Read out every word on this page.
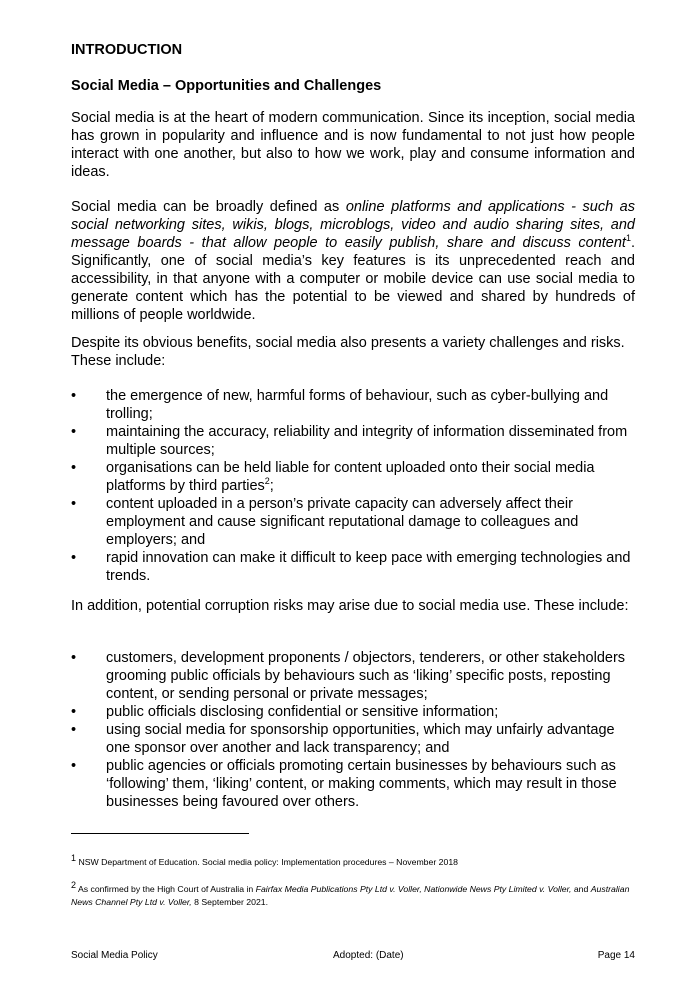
INTRODUCTION
Social Media – Opportunities and Challenges

Social media is at the heart of modern communication. Since its inception, social media has grown in popularity and influence and is now fundamental to not just how people interact with one another, but also to how we work, play and consume information and ideas.

Social media can be broadly defined as online platforms and applications - such as social networking sites, wikis, blogs, microblogs, video and audio sharing sites, and message boards - that allow people to easily publish, share and discuss content$^1$. Significantly, one of social media’s key features is its unprecedented reach and accessibility, in that anyone with a computer or mobile device can use social media to generate content which has the potential to be viewed and shared by hundreds of millions of people worldwide.

Despite its obvious benefits, social media also presents a variety challenges and risks. These include:

•	the emergence of new, harmful forms of behaviour, such as cyber-bullying and trolling;
•	maintaining the accuracy, reliability and integrity of information disseminated from multiple sources;
•	organisations can be held liable for content uploaded onto their social media platforms by third parties$^2$;
•	content uploaded in a person’s private capacity can adversely affect their employment and cause significant reputational damage to colleagues and employers; and
•	rapid innovation can make it difficult to keep pace with emerging technologies and trends.

In addition, potential corruption risks may arise due to social media use. These include:

•	customers, development proponents / objectors, tenderers, or other stakeholders grooming public officials by behaviours such as ‘liking’ specific posts, reposting content, or sending personal or private messages;
•	public officials disclosing confidential or sensitive information;
•	using social media for sponsorship opportunities, which may unfairly advantage one sponsor over another and lack transparency; and
•	public agencies or officials promoting certain businesses by behaviours such as ‘following’ them, ‘liking’ content, or making comments, which may result in those businesses being favoured over others.
$^1$ NSW Department of Education. Social media policy: Implementation procedures – November 2018
$^2$ As confirmed by the High Court of Australia in Fairfax Media Publications Pty Ltd v. Voller, Nationwide News Pty Limited v. Voller, and Australian News Channel Pty Ltd v. Voller, 8 September 2021.
Social Media Policy	Adopted: (Date)	Page 14
